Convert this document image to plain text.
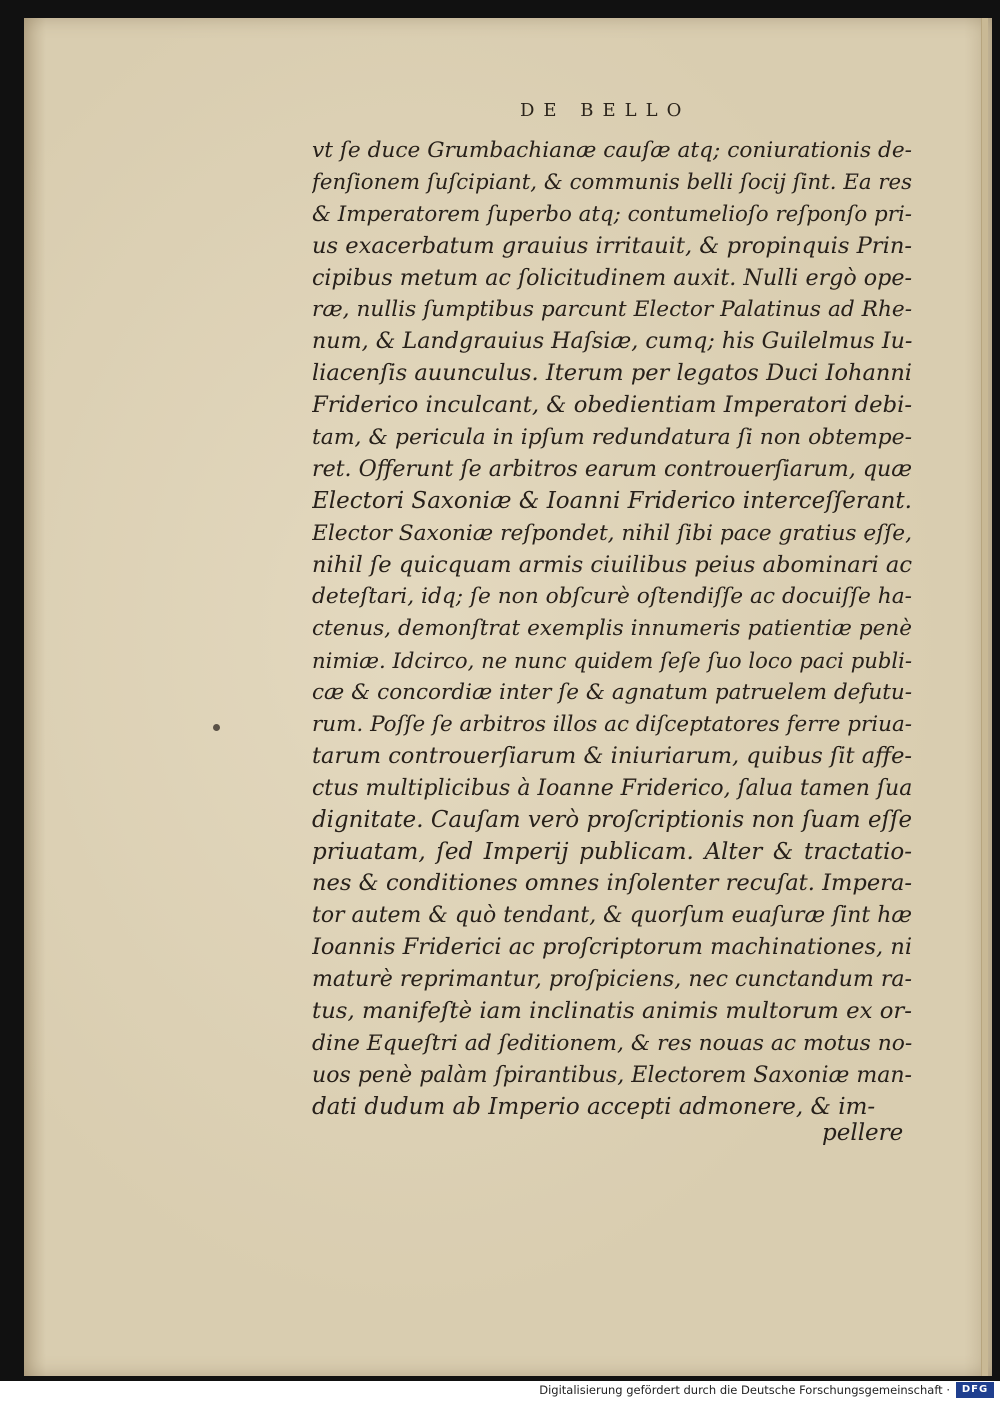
DE BELLO
vt ſe duce Grumbachianæ cauſæ atq; coniurationis de-
fenſionem ſuſcipiant, & communis belli ſocij ſint. Ea res
& Imperatorem ſuperbo atq; contumelioſo reſponſo pri-
us exacerbatum grauius irritauit, & propinquis Prin-
cipibus metum ac ſolicitudinem auxit. Nulli ergò ope-
ræ, nullis ſumptibus parcunt Elector Palatinus ad Rhe-
num, & Landgrauius Haſsiæ, cumq; his Guilelmus Iu-
liacenſis auunculus. Iterum per legatos Duci Iohanni
Friderico inculcant, & obedientiam Imperatori debi-
tam, & pericula in ipſum redundatura ſi non obtempe-
ret. Offerunt ſe arbitros earum controuerſiarum, quæ
Electori Saxoniæ & Ioanni Friderico interceſſerant.
Elector Saxoniæ reſpondet, nihil ſibi pace gratius eſſe,
nihil ſe quicquam armis ciuilibus peius abominari ac
deteſtari, idq; ſe non obſcurè oſtendiſſe ac docuiſſe ha-
ctenus, demonſtrat exemplis innumeris patientiæ penè
nimiæ. Idcirco, ne nunc quidem ſeſe ſuo loco paci publi-
cæ & concordiæ inter ſe & agnatum patruelem defutu-
rum. Poſſe ſe arbitros illos ac diſceptatores ferre priua-
tarum controuerſiarum & iniuriarum, quibus ſit affe-
ctus multiplicibus à Ioanne Friderico, ſalua tamen ſua
dignitate. Cauſam verò proſcriptionis non ſuam eſſe
priuatam, ſed Imperij publicam. Alter & tractatio-
nes & conditiones omnes inſolenter recuſat. Impera-
tor autem & quò tendant, & quorſum euaſuræ ſint hæ
Ioannis Friderici ac proſcriptorum machinationes, ni
maturè reprimantur, proſpiciens, nec cunctandum ra-
tus, manifeſtè iam inclinatis animis multorum ex or-
dine Equeſtri ad ſeditionem, & res nouas ac motus no-
uos penè palàm ſpirantibus, Electorem Saxoniæ man-
dati dudum ab Imperio accepti admonere, & im-
pellere
Digitalisierung gefördert durch die Deutsche Forschungsgemeinschaft ·	DFG
